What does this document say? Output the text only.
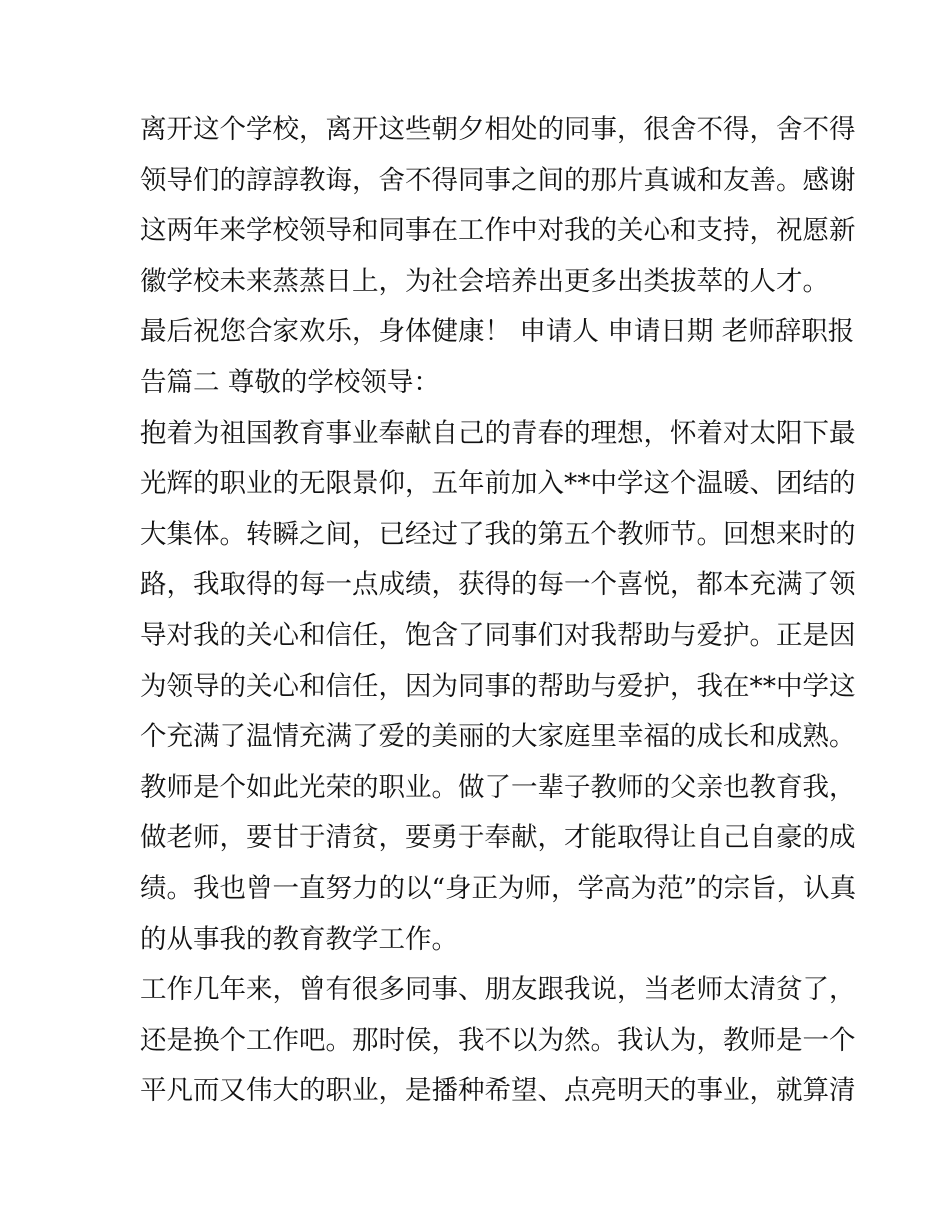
离开这个学校，离开这些朝夕相处的同事，很舍不得，舍不得
领导们的諄諄教诲，舍不得同事之间的那片真诚和友善。感谢
这两年来学校领导和同事在工作中对我的关心和支持，祝愿新
徽学校未来蒸蒸日上，为社会培养出更多出类拔萃的人才。
最后祝您合家欢乐，身体健康！ 申请人 申请日期 老师辞职报
告篇二 尊敬的学校领导：
抱着为祖国教育事业奉献自己的青春的理想，怀着对太阳下最
光辉的职业的无限景仰，五年前加入**中学这个温暖、团结的
大集体。转瞬之间，已经过了我的第五个教师节。回想来时的
路，我取得的每一点成绩，获得的每一个喜悦，都本充满了领
导对我的关心和信任，饱含了同事们对我帮助与爱护。正是因
为领导的关心和信任，因为同事的帮助与爱护，我在**中学这
个充满了温情充满了爱的美丽的大家庭里幸福的成长和成熟。
教师是个如此光荣的职业。做了一辈子教师的父亲也教育我，
做老师，要甘于清贫，要勇于奉献，才能取得让自己自豪的成
绩。我也曾一直努力的以“身正为师，学高为范”的宗旨，认真
的从事我的教育教学工作。
工作几年来，曾有很多同事、朋友跟我说，当老师太清贫了，
还是换个工作吧。那时侯，我不以为然。我认为，教师是一个
平凡而又伟大的职业，是播种希望、点亮明天的事业，就算清
